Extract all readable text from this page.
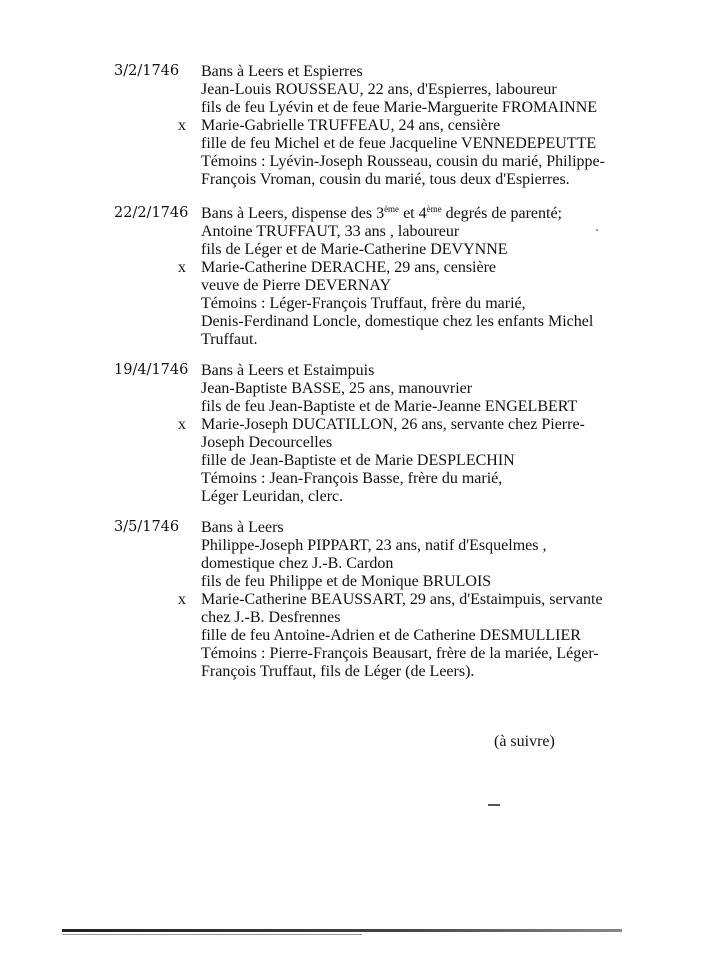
3/2/1746 Bans à Leers et Espierres
Jean-Louis ROUSSEAU, 22 ans, d'Espierres, laboureur
fils de feu Lyévin et de feue Marie-Marguerite FROMAINNE
x Marie-Gabrielle TRUFFEAU, 24 ans, censière
fille de feu Michel et de feue Jacqueline VENNEDEPEUTTE
Témoins : Lyévin-Joseph Rousseau, cousin du marié, Philippe-
François Vroman, cousin du marié, tous deux d'Espierres.
22/2/1746 Bans à Leers, dispense des 3ème et 4ème degrés de parenté;
Antoine TRUFFAUT, 33 ans , laboureur
fils de Léger et de Marie-Catherine DEVYNNE
x Marie-Catherine DERACHE, 29 ans, censière
veuve de Pierre DEVERNAY
Témoins : Léger-François Truffaut, frère du marié,
Denis-Ferdinand Loncle, domestique chez les enfants Michel
Truffaut.
19/4/1746 Bans à Leers et Estaimpuis
Jean-Baptiste BASSE, 25 ans, manouvrier
fils de feu Jean-Baptiste et de Marie-Jeanne ENGELBERT
x Marie-Joseph DUCATILLON, 26 ans, servante chez Pierre-
Joseph Decourcelles
fille de Jean-Baptiste et de Marie DESPLECHIN
Témoins : Jean-François Basse, frère du marié,
Léger Leuridan, clerc.
3/5/1746 Bans à Leers
Philippe-Joseph PIPPART, 23 ans, natif d'Esquelmes ,
domestique chez J.-B. Cardon
fils de feu Philippe et de Monique BRULOIS
x Marie-Catherine BEAUSSART, 29 ans, d'Estaimpuis, servante
chez J.-B. Desfrennes
fille de feu Antoine-Adrien et de Catherine DESMULLIER
Témoins : Pierre-François Beausart, frère de la mariée, Léger-
François Truffaut, fils de Léger (de Leers).
(à suivre)
